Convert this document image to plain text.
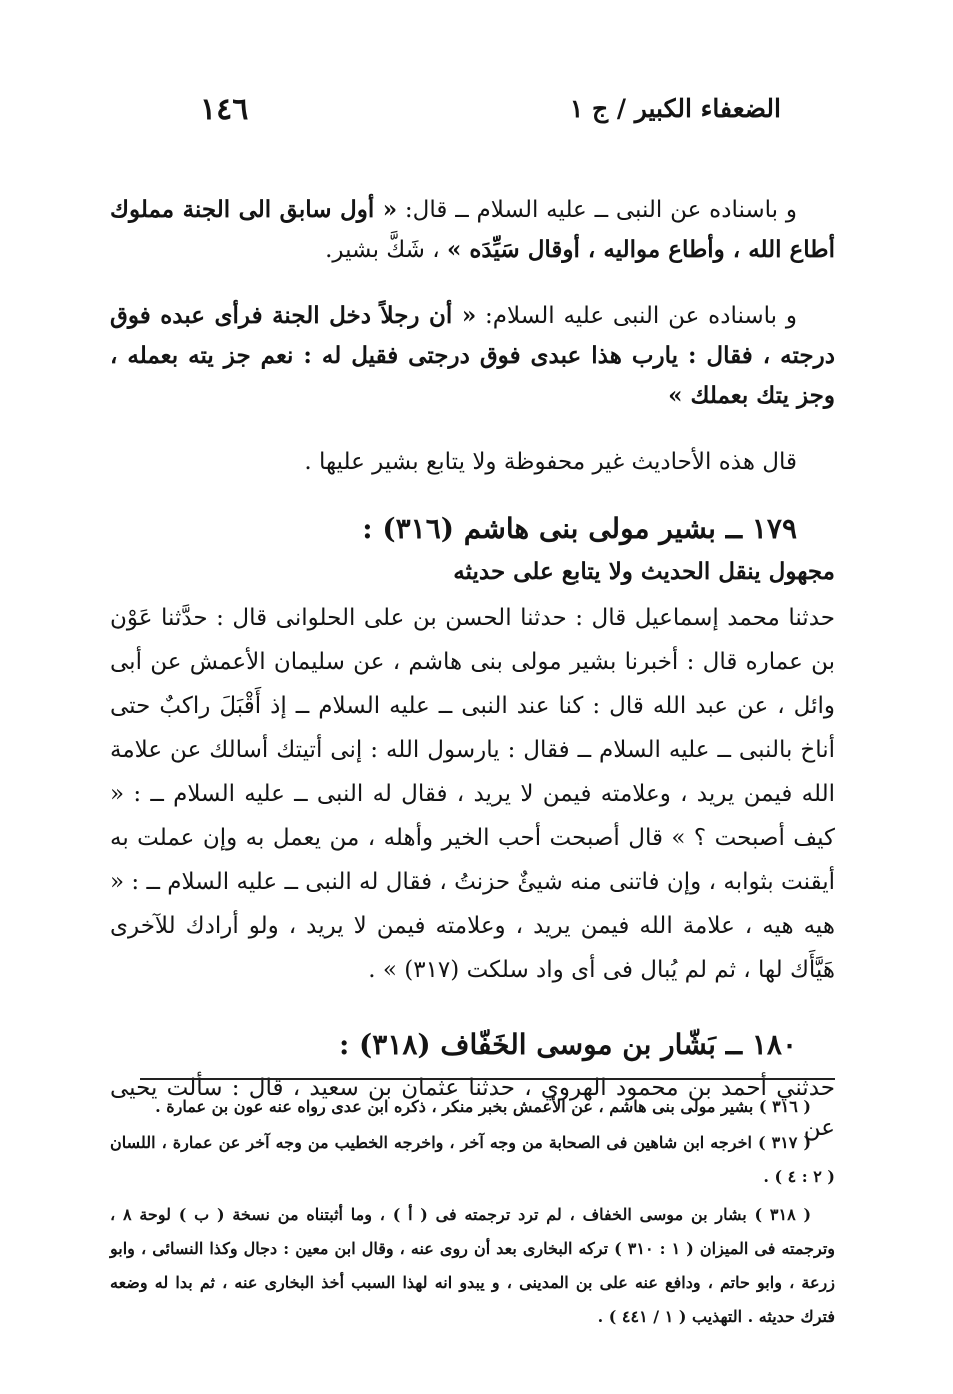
الضعفاء الكبير / ج ١
١٤٦

و باسناده عن النبى ــ عليه السلام ــ قال: « أول سابق الى الجنة مملوك أطاع الله ، وأطاع مواليه ، أوقال سَيِّدَه » ، شَكَّ بشير.

و باسناده عن النبى عليه السلام: « أن رجلاً دخل الجنة فرأى عبده فوق درجته ، فقال : يارب هذا عبدى فوق درجتى فقيل له : نعم جز يته بعمله ، وجز يتك بعملك »

قال هذه الأحاديث غير محفوظة ولا يتابع بشير عليها .

١٧٩ ــ بشير مولى بنى هاشم (٣١٦) :

مجهول ينقل الحديث ولا يتابع على حديثه

حدثنا محمد إسماعيل قال : حدثنا الحسن بن على الحلوانى قال : حدَّثنا عَوْن بن عماره قال : أخبرنا بشير مولى بنى هاشم ، عن سليمان الأعمش عن أبى وائل ، عن عبد الله قال : كنا عند النبى ــ عليه السلام ــ إذ أَقْبَلَ راكبٌ حتى أناخ بالنبى ــ عليه السلام ــ فقال : يارسول الله : إنى أتيتك أسالك عن علامة الله فيمن يريد ، وعلامته فيمن لا يريد ، فقال له النبى ــ عليه السلام ــ : « كيف أصبحت ؟ » قال أصبحت أحب الخير وأهله ، من يعمل به وإن عملت به أيقنت بثوابه ، وإن فاتنى منه شيئٌ حزنتُ ، فقال له النبى ــ عليه السلام ــ : « هيه هيه ، علامة الله فيمن يريد ، وعلامته فيمن لا يريد ، ولو أرادك للآخرى هَيَّأَك لها ، ثم لم يُبال فى أى واد سلكت (٣١٧) » .

١٨٠ ــ بَشّار بن موسى الخَفّاف (٣١٨) :

حدثني أحمد بن محمود الهروي ، حدثنا عثمان بن سعيد ، قال : سألت يحيى عن

( ٣١٦ ) بشير مولى بنى هاشم ، عن الأعمش بخبر منكر ، ذكره ابن عدى رواه عنه عون بن عمارة .

( ٣١٧ ) اخرجه ابن شاهين فى الصحابة من وجه آخر ، واخرجه الخطيب من وجه آخر عن عمارة ، اللسان ( ٢ : ٤ ) .

( ٣١٨ ) بشار بن موسى الخفاف ، لم ترد ترجمته فى ( أ ) ، وما أثبتناه من نسخة ( ب ) لوحة ٨ ، وترجمته فى الميزان ( ١ : ٣١٠ ) تركه البخارى بعد أن روى عنه ، وقال ابن معين : دجال وكذا النسائى ، وابو زرعة ، وابو حاتم ، ودافع عنه على بن المدينى ، و يبدو انه لهذا السبب أخذ البخارى عنه ، ثم بدا له وضعه فترك حديثه . التهذيب ( ١ / ٤٤١ ) .
